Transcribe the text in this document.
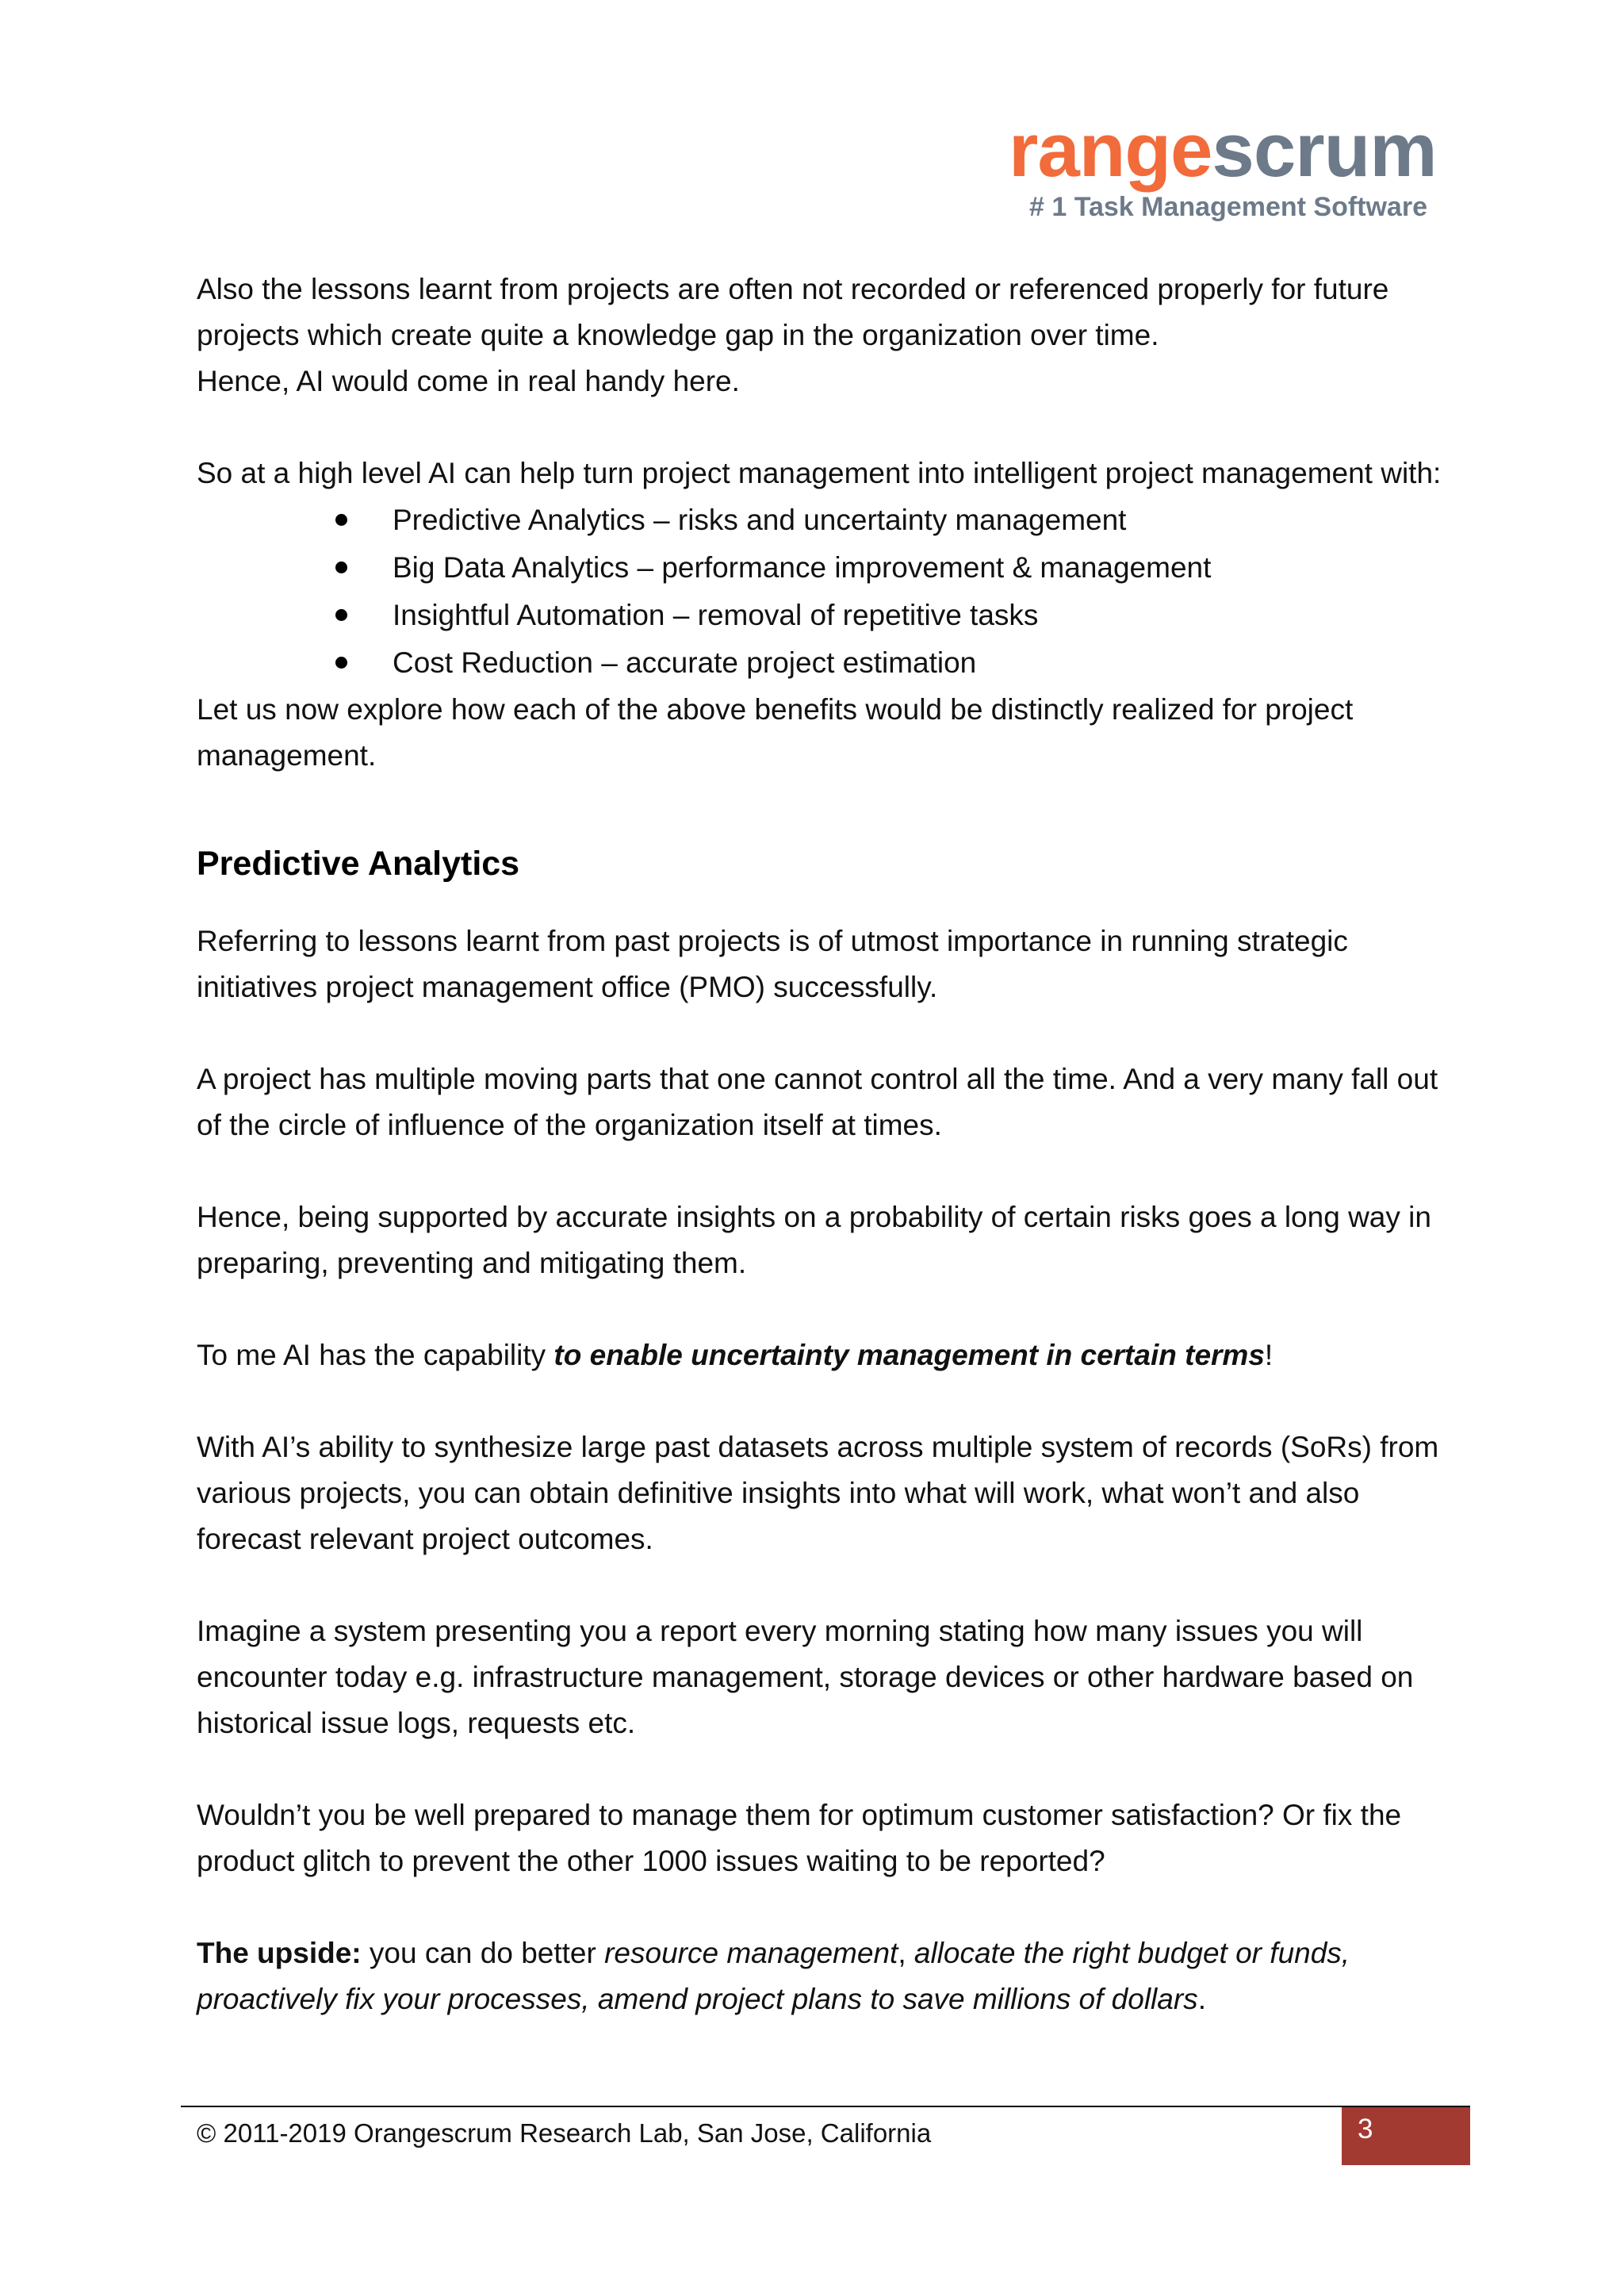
rangescrum
# 1 Task Management Software

Also the lessons learnt from projects are often not recorded or referenced properly for future projects which create quite a knowledge gap in the organization over time.

Hence, AI would come in real handy here.

So at a high level AI can help turn project management into intelligent project management with:

Predictive Analytics – risks and uncertainty management
Big Data Analytics – performance improvement & management
Insightful Automation – removal of repetitive tasks
Cost Reduction – accurate project estimation

Let us now explore how each of the above benefits would be distinctly realized for project management.

Predictive Analytics

Referring to lessons learnt from past projects is of utmost importance in running strategic initiatives project management office (PMO) successfully.

A project has multiple moving parts that one cannot control all the time. And a very many fall out of the circle of influence of the organization itself at times.

Hence, being supported by accurate insights on a probability of certain risks goes a long way in preparing, preventing and mitigating them.

To me AI has the capability to enable uncertainty management in certain terms!

With AI’s ability to synthesize large past datasets across multiple system of records (SoRs) from various projects, you can obtain definitive insights into what will work, what won’t and also forecast relevant project outcomes.

Imagine a system presenting you a report every morning stating how many issues you will encounter today e.g. infrastructure management, storage devices or other hardware based on historical issue logs, requests etc.

Wouldn’t you be well prepared to manage them for optimum customer satisfaction? Or fix the product glitch to prevent the other 1000 issues waiting to be reported?

The upside: you can do better resource management, allocate the right budget or funds, proactively fix your processes, amend project plans to save millions of dollars.

© 2011-2019 Orangescrum Research Lab, San Jose, California	3
